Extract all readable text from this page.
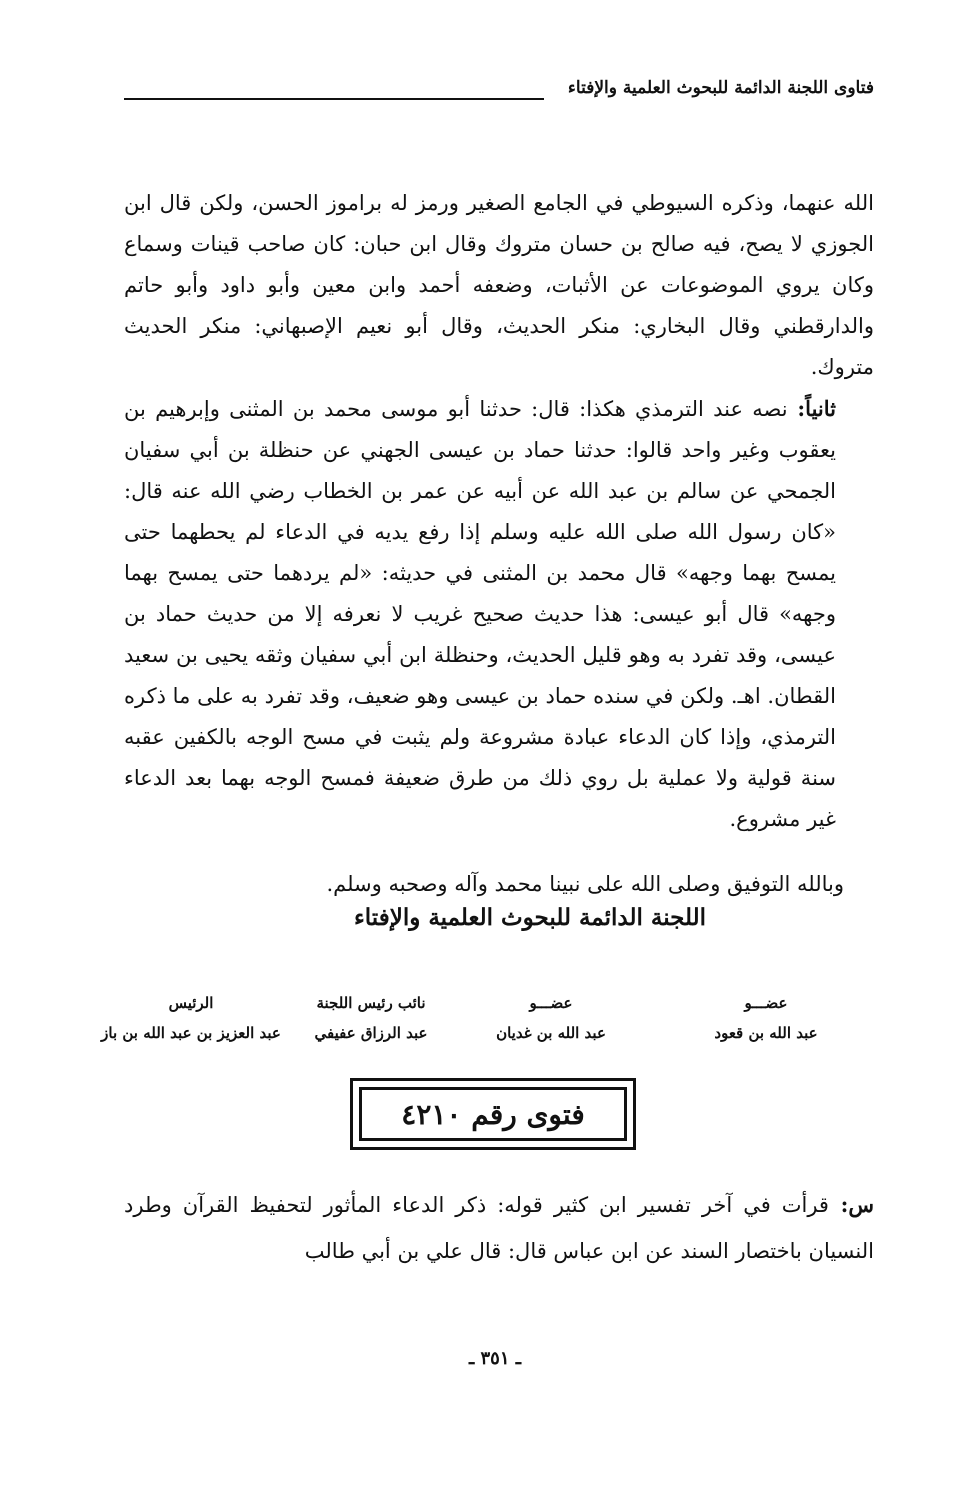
فتاوى اللجنة الدائمة للبحوث العلمية والإفتاء

الله عنهما، وذكره السيوطي في الجامع الصغير ورمز له براموز الحسن، ولكن قال ابن الجوزي لا يصح، فيه صالح بن حسان متروك وقال ابن حبان: كان صاحب قينات وسماع وكان يروي الموضوعات عن الأثبات، وضعفه أحمد وابن معين وأبو داود وأبو حاتم والدارقطني وقال البخاري: منكر الحديث، وقال أبو نعيم الإصبهاني: منكر الحديث متروك.

ثانياً: نصه عند الترمذي هكذا: قال: حدثنا أبو موسى محمد بن المثنى وإبرهيم بن يعقوب وغير واحد قالوا: حدثنا حماد بن عيسى الجهني عن حنظلة بن أبي سفيان الجمحي عن سالم بن عبد الله عن أبيه عن عمر بن الخطاب رضي الله عنه قال: «كان رسول الله صلى الله عليه وسلم إذا رفع يديه في الدعاء لم يحطهما حتى يمسح بهما وجهه» قال محمد بن المثنى في حديثه: «لم يردهما حتى يمسح بهما وجهه» قال أبو عيسى: هذا حديث صحيح غريب لا نعرفه إلا من حديث حماد بن عيسى، وقد تفرد به وهو قليل الحديث، وحنظلة ابن أبي سفيان وثقه يحيى بن سعيد القطان. اهـ. ولكن في سنده حماد بن عيسى وهو ضعيف، وقد تفرد به على ما ذكره الترمذي، وإذا كان الدعاء عبادة مشروعة ولم يثبت في مسح الوجه بالكفين عقبه سنة قولية ولا عملية بل روي ذلك من طرق ضعيفة فمسح الوجه بهما بعد الدعاء غير مشروع.

وبالله التوفيق وصلى الله على نبينا محمد وآله وصحبه وسلم.
اللجنة الدائمة للبحوث العلمية والإفتاء
عضـــو
عبد الله بن قعود
عضـــو
عبد الله بن غديان
نائب رئيس اللجنة
عبد الرزاق عفيفي
الرئيس
عبد العزيز بن عبد الله بن باز
فتوى رقم ٤٢١٠

س: قرأت في آخر تفسير ابن كثير قوله: ذكر الدعاء المأثور لتحفيظ القرآن وطرد النسيان باختصار السند عن ابن عباس قال: قال علي بن أبي طالب

ـ ٣٥١ ـ
